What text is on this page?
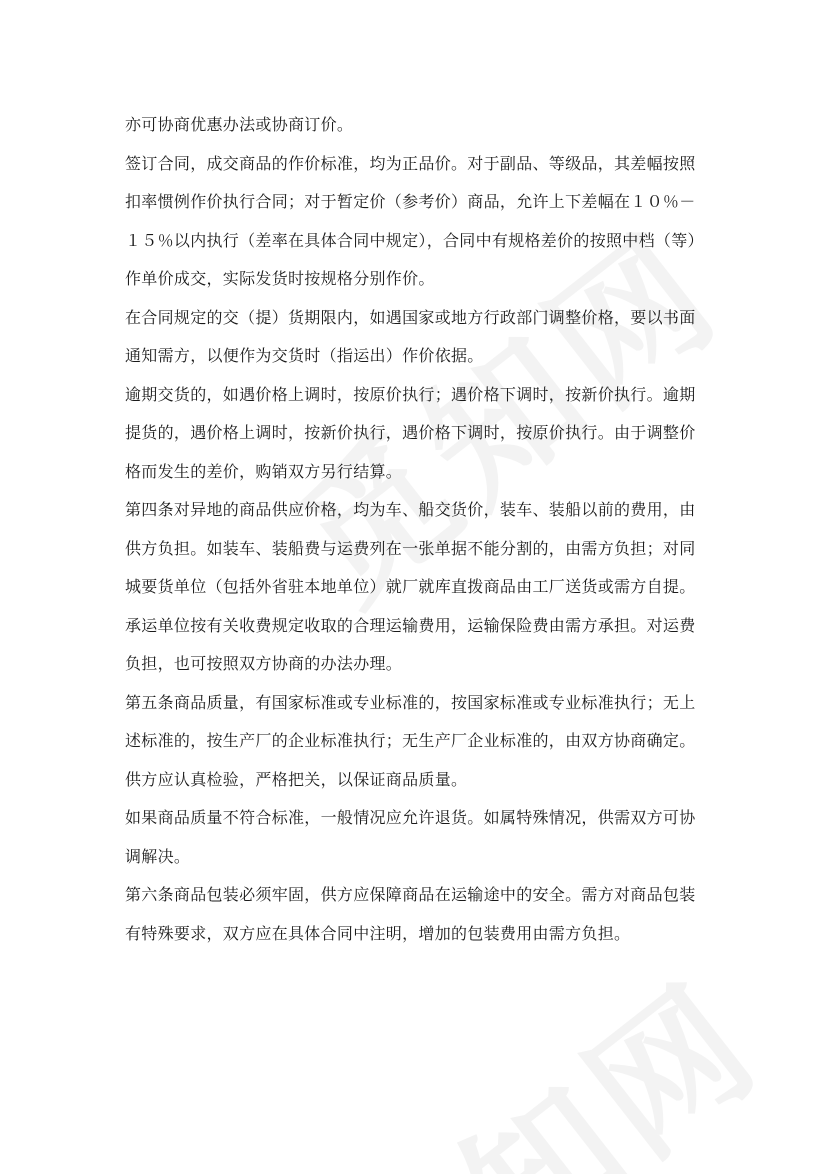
亦可协商优惠办法或协商订价。
签订合同，成交商品的作价标准，均为正品价。对于副品、等级品，其差幅按照
扣率惯例作价执行合同；对于暂定价（参考价）商品，允许上下差幅在１０％－
１５％以内执行（差率在具体合同中规定），合同中有规格差价的按照中档（等）
作单价成交，实际发货时按规格分别作价。
在合同规定的交（提）货期限内，如遇国家或地方行政部门调整价格，要以书面
通知需方，以便作为交货时（指运出）作价依据。
逾期交货的，如遇价格上调时，按原价执行；遇价格下调时，按新价执行。逾期
提货的，遇价格上调时，按新价执行，遇价格下调时，按原价执行。由于调整价
格而发生的差价，购销双方另行结算。
第四条对异地的商品供应价格，均为车、船交货价，装车、装船以前的费用，由
供方负担。如装车、装船费与运费列在一张单据不能分割的，由需方负担；对同
城要货单位（包括外省驻本地单位）就厂就库直拨商品由工厂送货或需方自提。
承运单位按有关收费规定收取的合理运输费用，运输保险费由需方承担。对运费
负担，也可按照双方协商的办法办理。
第五条商品质量，有国家标准或专业标准的，按国家标准或专业标准执行；无上
述标准的，按生产厂的企业标准执行；无生产厂企业标准的，由双方协商确定。
供方应认真检验，严格把关，以保证商品质量。
如果商品质量不符合标准，一般情况应允许退货。如属特殊情况，供需双方可协
调解决。
第六条商品包装必须牢固，供方应保障商品在运输途中的安全。需方对商品包装
有特殊要求，双方应在具体合同中注明，增加的包装费用由需方负担。
